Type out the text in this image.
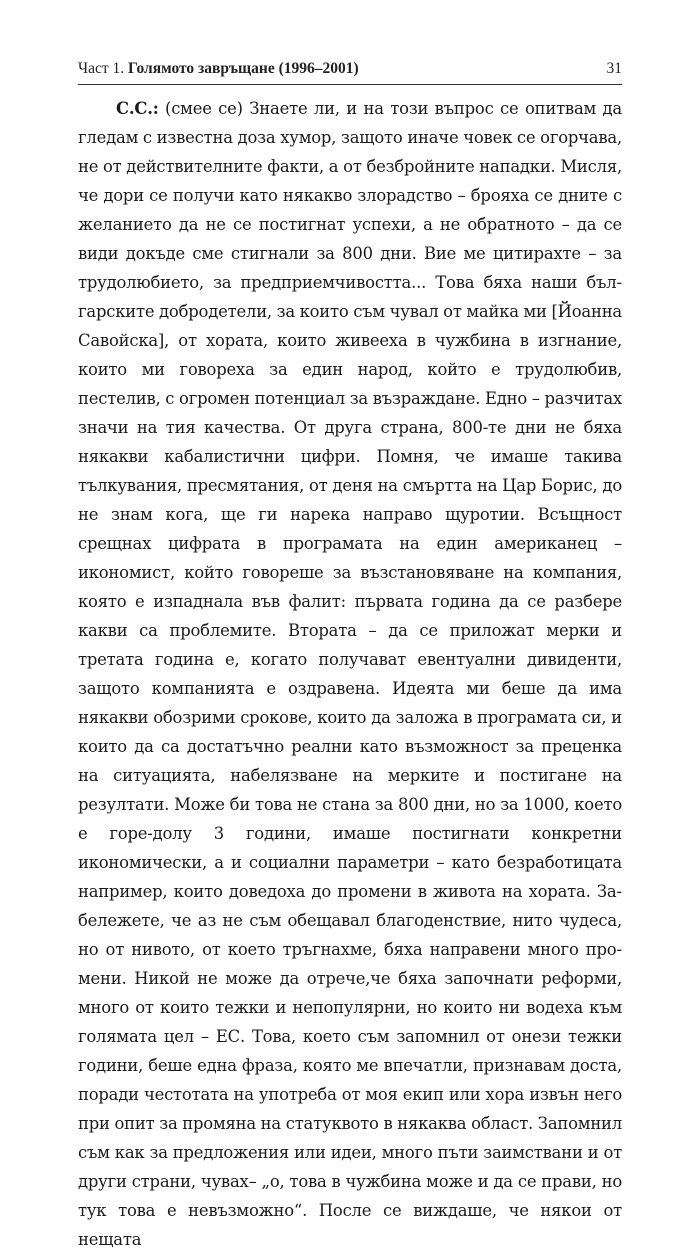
Част 1. Голямото завръщане (1996–2001)	31

С.С.: (смее се) Знаете ли, и на този въпрос се опитвам да гледам с известна доза хумор, защото иначе човек се огорчава, не от действителните факти, а от безбройните нападки. Мисля, че дори се получи като някакво злорадство – брояха се дните с желанието да не се постигнат успехи, а не обратното – да се види докъде сме стигнали за 800 дни. Вие ме цитирахте – за трудолюбието, за предприемчивостта... Това бяха наши българските добродетели, за които съм чувал от майка ми [Йоанна Савойска], от хората, които живееха в чужбина в изгнание, които ми говореха за един народ, който е трудолюбив, пестелив, с огромен потенциал за възраждане. Едно – разчитах значи на тия качества. От друга страна, 800-те дни не бяха някакви кабалистични цифри. Помня, че имаше такива тълкувания, пресмятания, от деня на смъртта на Цар Борис, до не знам кога, ще ги нарека направо щуротии. Всъщност срещнах цифрата в програмата на един американец – икономист, който говореше за възстановяване на компания, която е изпаднала във фалит: първата година да се разбере какви са проблемите. Втората – да се приложат мерки и третата година е, когато получават евентуални дивиденти, защото компанията е оздравена. Идеята ми беше да има някакви обозрими срокове, които да заложа в програмата си, и които да са достатъчно реални като възможност за преценка на ситуацията, набелязване на мерките и постигане на резултати. Може би това не стана за 800 дни, но за 1000, което е горе-долу 3 години, имаше постигнати конкретни икономически, а и социални параметри – като безработицата например, които доведоха до промени в живота на хората. Забележете, че аз не съм обещавал благоденствие, нито чудеса, но от нивото, от което тръгнахме, бяха направени много промени. Никой не може да отрече,че бяха започнати реформи, много от които тежки и непопулярни, но които ни водеха към голямата цел – ЕС. Това, което съм запомнил от онези тежки години, беше една фраза, която ме впечатли, признавам доста, поради честотата на употреба от моя екип или хора извън него при опит за промяна на статуквото в някаква област. Запомнил съм как за предложения или идеи, много пъти заимствани и от други страни, чувах– „о, това в чужбина може и да се прави, но тук това е невъзможно“. После се виждаше, че някои от нещата
